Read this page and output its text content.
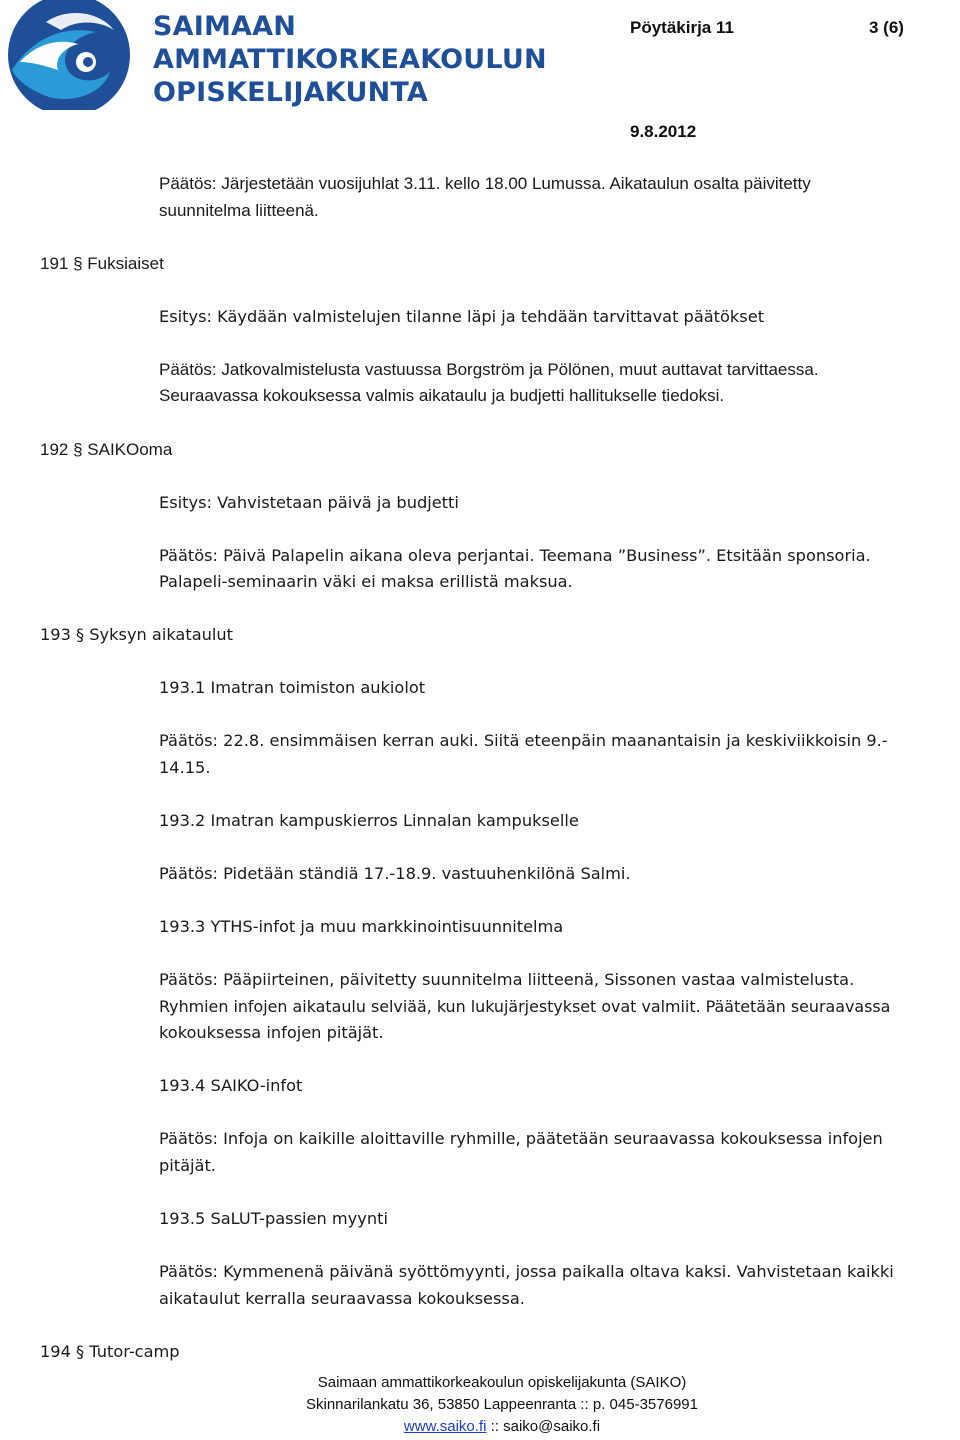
SAIMAAN
AMMATTIKORKEAKOULUN
OPISKELIJAKUNTA
Pöytäkirja 11	3 (6)
9.8.2012
Päätös: Järjestetään vuosijuhlat 3.11. kello 18.00 Lumussa. Aikataulun osalta päivitetty
suunnitelma liitteenä.
191 § Fuksiaiset
Esitys: Käydään valmistelujen tilanne läpi ja tehdään tarvittavat päätökset
Päätös: Jatkovalmistelusta vastuussa Borgström ja Pölönen, muut auttavat tarvittaessa.
Seuraavassa kokouksessa valmis aikataulu ja budjetti hallitukselle tiedoksi.
192 § SAIKOoma
Esitys: Vahvistetaan päivä ja budjetti
Päätös: Päivä Palapelin aikana oleva perjantai. Teemana ”Business”. Etsitään sponsoria.
Palapeli-seminaarin väki ei maksa erillistä maksua.
193 § Syksyn aikataulut
193.1 Imatran toimiston aukiolot
Päätös: 22.8. ensimmäisen kerran auki. Siitä eteenpäin maanantaisin ja keskiviikkoisin 9.-
14.15.
193.2 Imatran kampuskierros Linnalan kampukselle
Päätös: Pidetään ständiä 17.-18.9. vastuuhenkilönä Salmi.
193.3 YTHS-infot ja muu markkinointisuunnitelma
Päätös: Pääpiirteinen, päivitetty suunnitelma liitteenä, Sissonen vastaa valmistelusta.
Ryhmien infojen aikataulu selviää, kun lukujärjestykset ovat valmiit. Päätetään seuraavassa
kokouksessa infojen pitäjät.
193.4 SAIKO-infot
Päätös: Infoja on kaikille aloittaville ryhmille, päätetään seuraavassa kokouksessa infojen
pitäjät.
193.5 SaLUT-passien myynti
Päätös: Kymmenenä päivänä syöttömyynti, jossa paikalla oltava kaksi. Vahvistetaan kaikki
aikataulut kerralla seuraavassa kokouksessa.
194 § Tutor-camp
Saimaan ammattikorkeakoulun opiskelijakunta (SAIKO)
Skinnarilankatu 36, 53850 Lappeenranta :: p. 045-3576991
www.saiko.fi :: saiko@saiko.fi
